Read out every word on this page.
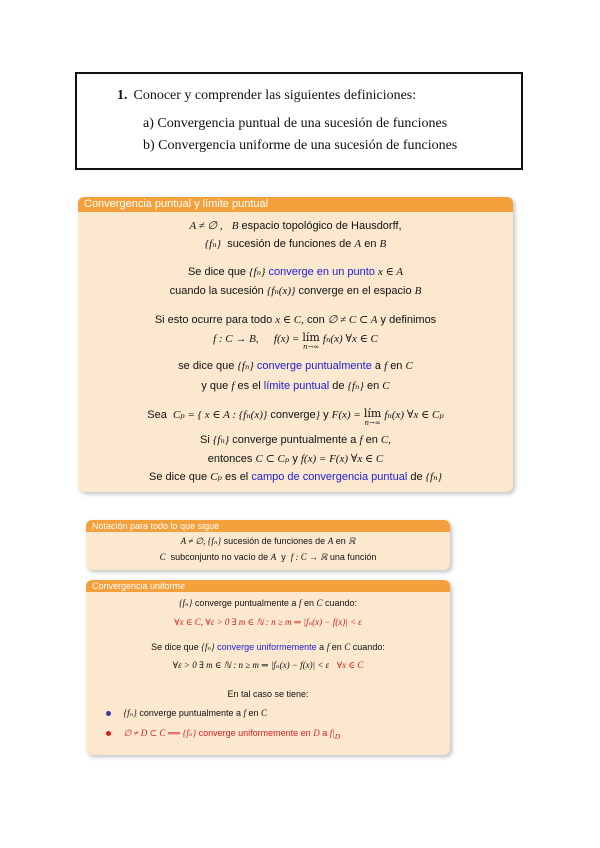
1. Conocer y comprender las siguientes definiciones:
a) Convergencia puntual de una sucesión de funciones
b) Convergencia uniforme de una sucesión de funciones
Convergencia puntual y límite puntual
A ≠ ∅ , B espacio topológico de Hausdorff,
{fₙ} sucesión de funciones de A en B
Se dice que {fₙ} converge en un punto x ∈ A
cuando la sucesión {fₙ(x)} converge en el espacio B
Si esto ocurre para todo x ∈ C, con ∅ ≠ C ⊂ A y definimos
f : C → B, f(x) = lím
n→∞
fₙ(x) ∀x ∈ C
se dice que {fₙ} converge puntualmente a f en C
y que f es el límite puntual de {fₙ} en C
Sea Cₚ = { x ∈ A : {fₙ(x)} converge} y F(x) = lím
n→∞
fₙ(x) ∀x ∈ Cₚ
Si {fₙ} converge puntualmente a f en C,
entonces C ⊂ Cₚ y f(x) = F(x) ∀x ∈ C
Se dice que Cₚ es el campo de convergencia puntual de {fₙ}
Notación para todo lo que sigue
A ≠ ∅, {fₙ} sucesión de funciones de A en ℝ
C subconjunto no vacío de A y f : C → ℝ una función
Convergencia uniforme
{fₙ} converge puntualmente a f en C cuando:
∀x ∈ C, ∀ε > 0 ∃ m ∈ ℕ : n ≥ m ⇒ |fₙ(x) − f(x)| < ε
Se dice que {fₙ} converge uniformemente a f en C cuando:
∀ε > 0 ∃ m ∈ ℕ : n ≥ m ⇒ |fₙ(x) − f(x)| < ε ∀x ∈ C
En tal caso se tiene:
{fₙ} converge puntualmente a f en C
∅ ≠ D ⊂ C ⟹ {fₙ} converge uniformemente en D a $f|_D$
